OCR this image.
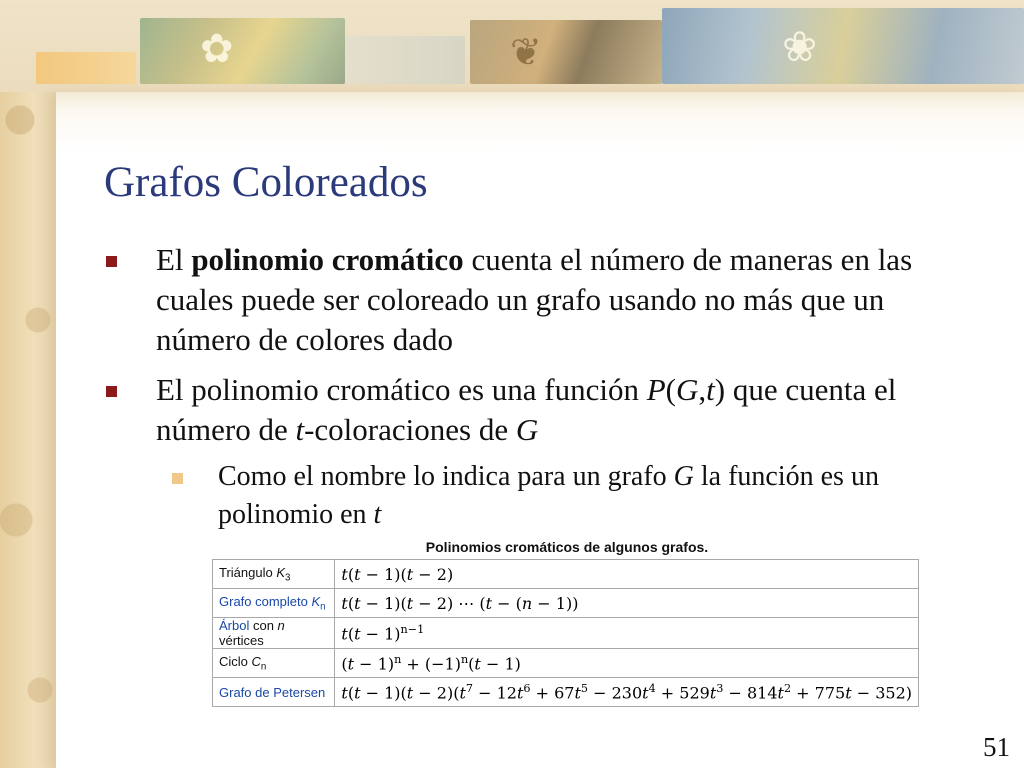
✿	❦	❀
Grafos Coloreados
El polinomio cromático cuenta el número de maneras en las
cuales puede ser coloreado un grafo usando no más que un
número de colores dado
El polinomio cromático es una función P(G,t) que cuenta el
número de t-coloraciones de G
Como el nombre lo indica para un grafo G la función es un
polinomio en t
Polinomios cromáticos de algunos grafos.
Triángulo $K_3$	t(t − 1)(t − 2)
Grafo completo $K_n$	t(t − 1)(t − 2) ⋯ (t − (n − 1))
Árbol con n vértices	$t(t - 1)^{n-1}$
Ciclo $C_n$	$(t - 1)^n + (-1)^n(t - 1)$
Grafo de Petersen	$t(t - 1)(t - 2)(t^7 - 12t^6 + 67t^5 - 230t^4 + 529t^3 - 814t^2 + 775t - 352)$
51
